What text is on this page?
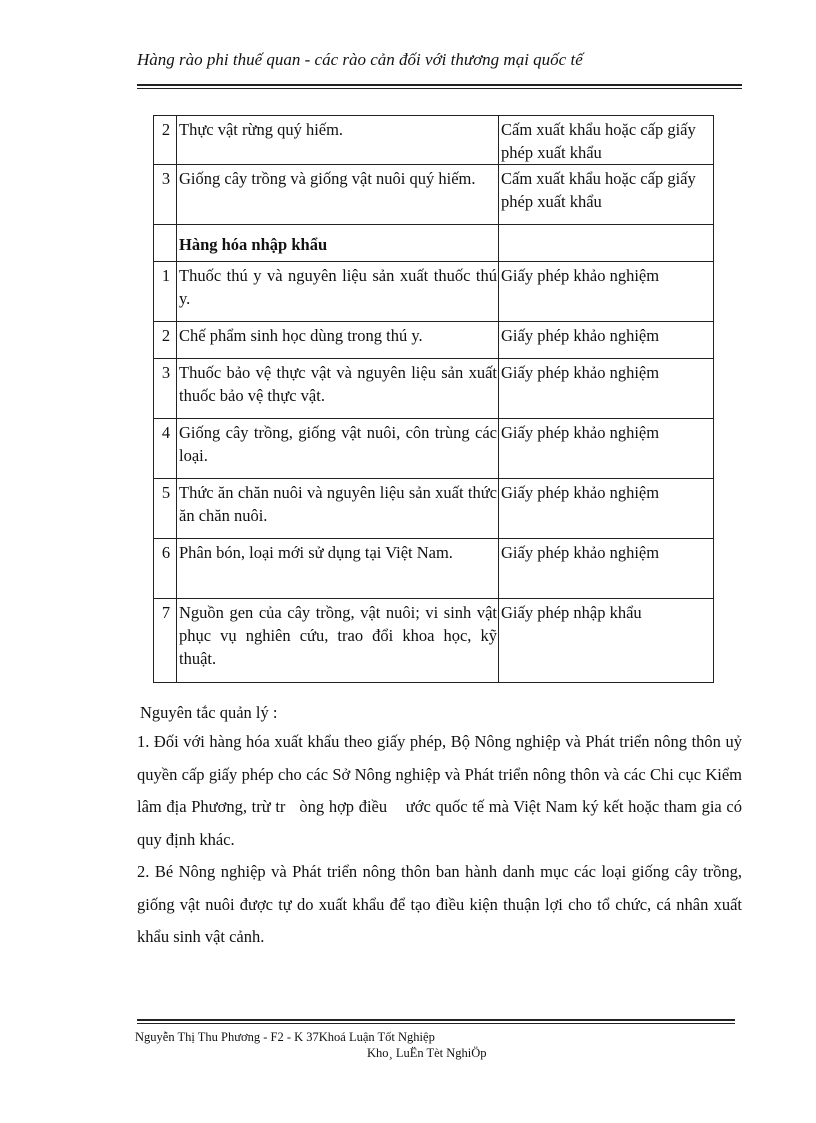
Hàng rào phi thuế quan - các rào cản đối với thương mại quốc tế
2	Thực vật rừng quý hiếm.	Cấm xuất khẩu hoặc cấp giấy phép xuất khẩu
3	Giống cây trồng và giống vật nuôi quý hiếm.	Cấm xuất khẩu hoặc cấp giấy phép xuất khẩu
	Hàng hóa nhập khẩu	
1	Thuốc thú y và nguyên liệu sản xuất thuốc thú y.	Giấy phép khảo nghiệm
2	Chế phẩm sinh học dùng trong thú y.	Giấy phép khảo nghiệm
3	Thuốc bảo vệ thực vật và nguyên liệu sản xuất thuốc bảo vệ thực vật.	Giấy phép khảo nghiệm
4	Giống cây trồng, giống vật nuôi, côn trùng các loại.	Giấy phép khảo nghiệm
5	Thức ăn chăn nuôi và nguyên liệu sản xuất thức ăn chăn nuôi.	Giấy phép khảo nghiệm
6	Phân bón, loại mới sử dụng tại Việt Nam.	Giấy phép khảo nghiệm
7	Nguồn gen của cây trồng, vật nuôi; vi sinh vật phục vụ nghiên cứu, trao đổi khoa học, kỹ thuật.	Giấy phép nhập khẩu

Nguyên tắc quản lý :

1. Đối với hàng hóa xuất khẩu theo giấy phép, Bộ Nông nghiệp và Phát triển nông thôn uỷ quyền cấp giấy phép cho các Sở Nông nghiệp và Phát triển nông thôn và các Chi cục Kiểm lâm địa Phương, trừ tr   òng hợp điều    ước quốc tế mà Việt Nam ký kết hoặc tham gia có quy định khác.

2. Bé Nông nghiệp và Phát triển nông thôn ban hành danh mục các loại giống cây trồng, giống vật nuôi được tự do xuất khẩu để tạo điều kiện thuận lợi cho tổ chức, cá nhân xuất khẩu sinh vật cảnh.

Nguyễn Thị Thu Phương - F2 - K 37Khoá Luận Tốt Nghiệp
Kho¸ LuËn Tèt NghiÖp
